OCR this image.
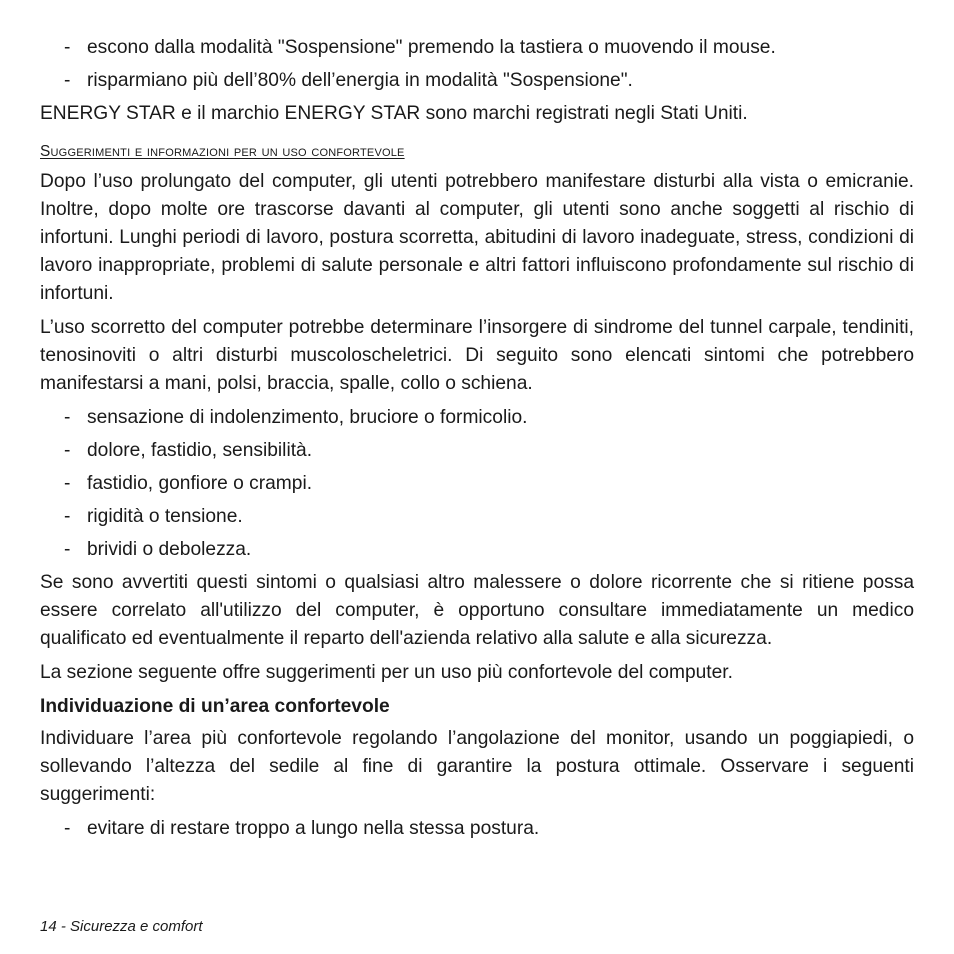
- escono dalla modalità "Sospensione" premendo la tastiera o muovendo il mouse.
- risparmiano più dell’80% dell’energia in modalità "Sospensione".

ENERGY STAR e il marchio ENERGY STAR sono marchi registrati negli Stati Uniti.

Suggerimenti e informazioni per un uso confortevole

Dopo l’uso prolungato del computer, gli utenti potrebbero manifestare disturbi alla vista o emicranie. Inoltre, dopo molte ore trascorse davanti al computer, gli utenti sono anche soggetti al rischio di infortuni. Lunghi periodi di lavoro, postura scorretta, abitudini di lavoro inadeguate, stress, condizioni di lavoro inappropriate, problemi di salute personale e altri fattori influiscono profondamente sul rischio di infortuni.

L’uso scorretto del computer potrebbe determinare l’insorgere di sindrome del tunnel carpale, tendiniti, tenosinoviti o altri disturbi muscoloscheletrici. Di seguito sono elencati sintomi che potrebbero manifestarsi a mani, polsi, braccia, spalle, collo o schiena.

- sensazione di indolenzimento, bruciore o formicolio.
- dolore, fastidio, sensibilità.
- fastidio, gonfiore o crampi.
- rigidità o tensione.
- brividi o debolezza.

Se sono avvertiti questi sintomi o qualsiasi altro malessere o dolore ricorrente che si ritiene possa essere correlato all'utilizzo del computer, è opportuno consultare immediatamente un medico qualificato ed eventualmente il reparto dell'azienda relativo alla salute e alla sicurezza.

La sezione seguente offre suggerimenti per un uso più confortevole del computer.

Individuazione di un’area confortevole

Individuare l’area più confortevole regolando l’angolazione del monitor, usando un poggiapiedi, o sollevando l’altezza del sedile al fine di garantire la postura ottimale. Osservare i seguenti suggerimenti:

- evitare di restare troppo a lungo nella stessa postura.
14 - Sicurezza e comfort
